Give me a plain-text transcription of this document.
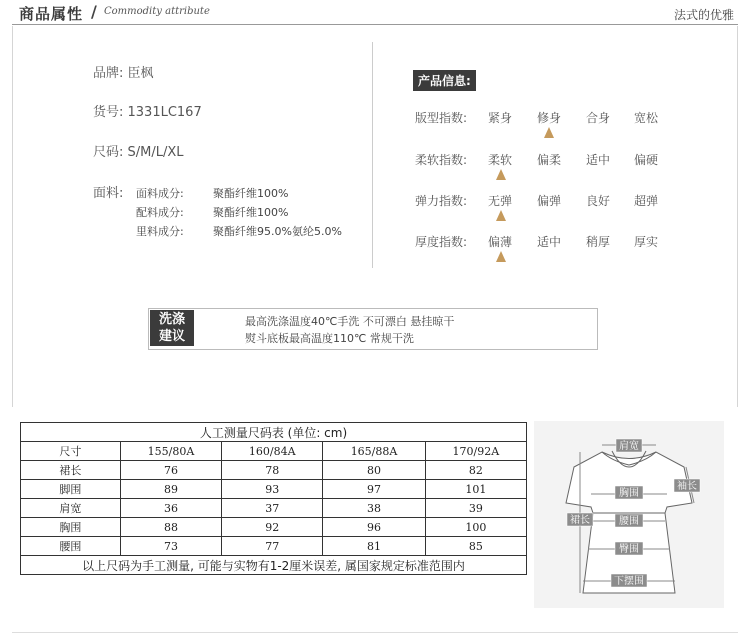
商品属性 / Commodity attribute	法式的优雅
品牌: 臣枫
货号: 1331LC167
尺码: S/M/L/XL
面料: 面料成分:	聚酯纤维100%
配料成分:	聚酯纤维100%
里料成分:	聚酯纤维95.0%氨纶5.0%
产品信息:
版型指数: 紧身 修身 合身 宽松
柔软指数: 柔软 偏柔 适中 偏硬
弹力指数: 无弹 偏弹 良好 超弹
厚度指数: 偏薄 适中 稍厚 厚实
洗涤
建议
最高洗涤温度40℃手洗 不可漂白 悬挂晾干
熨斗底板最高温度110℃ 常规干洗
人工测量尺码表 (单位: cm)				
尺寸	155/80A	160/84A	165/88A	170/92A
裙长	76	78	80	82
脚围	89	93	97	101
肩宽	36	37	38	39
胸围	88	92	96	100
腰围	73	77	81	85
以上尺码为手工测量, 可能与实物有1-2厘米误差, 属国家规定标准范围内				
肩宽
袖长
胸围
裙长	腰围
臀围
下摆围
